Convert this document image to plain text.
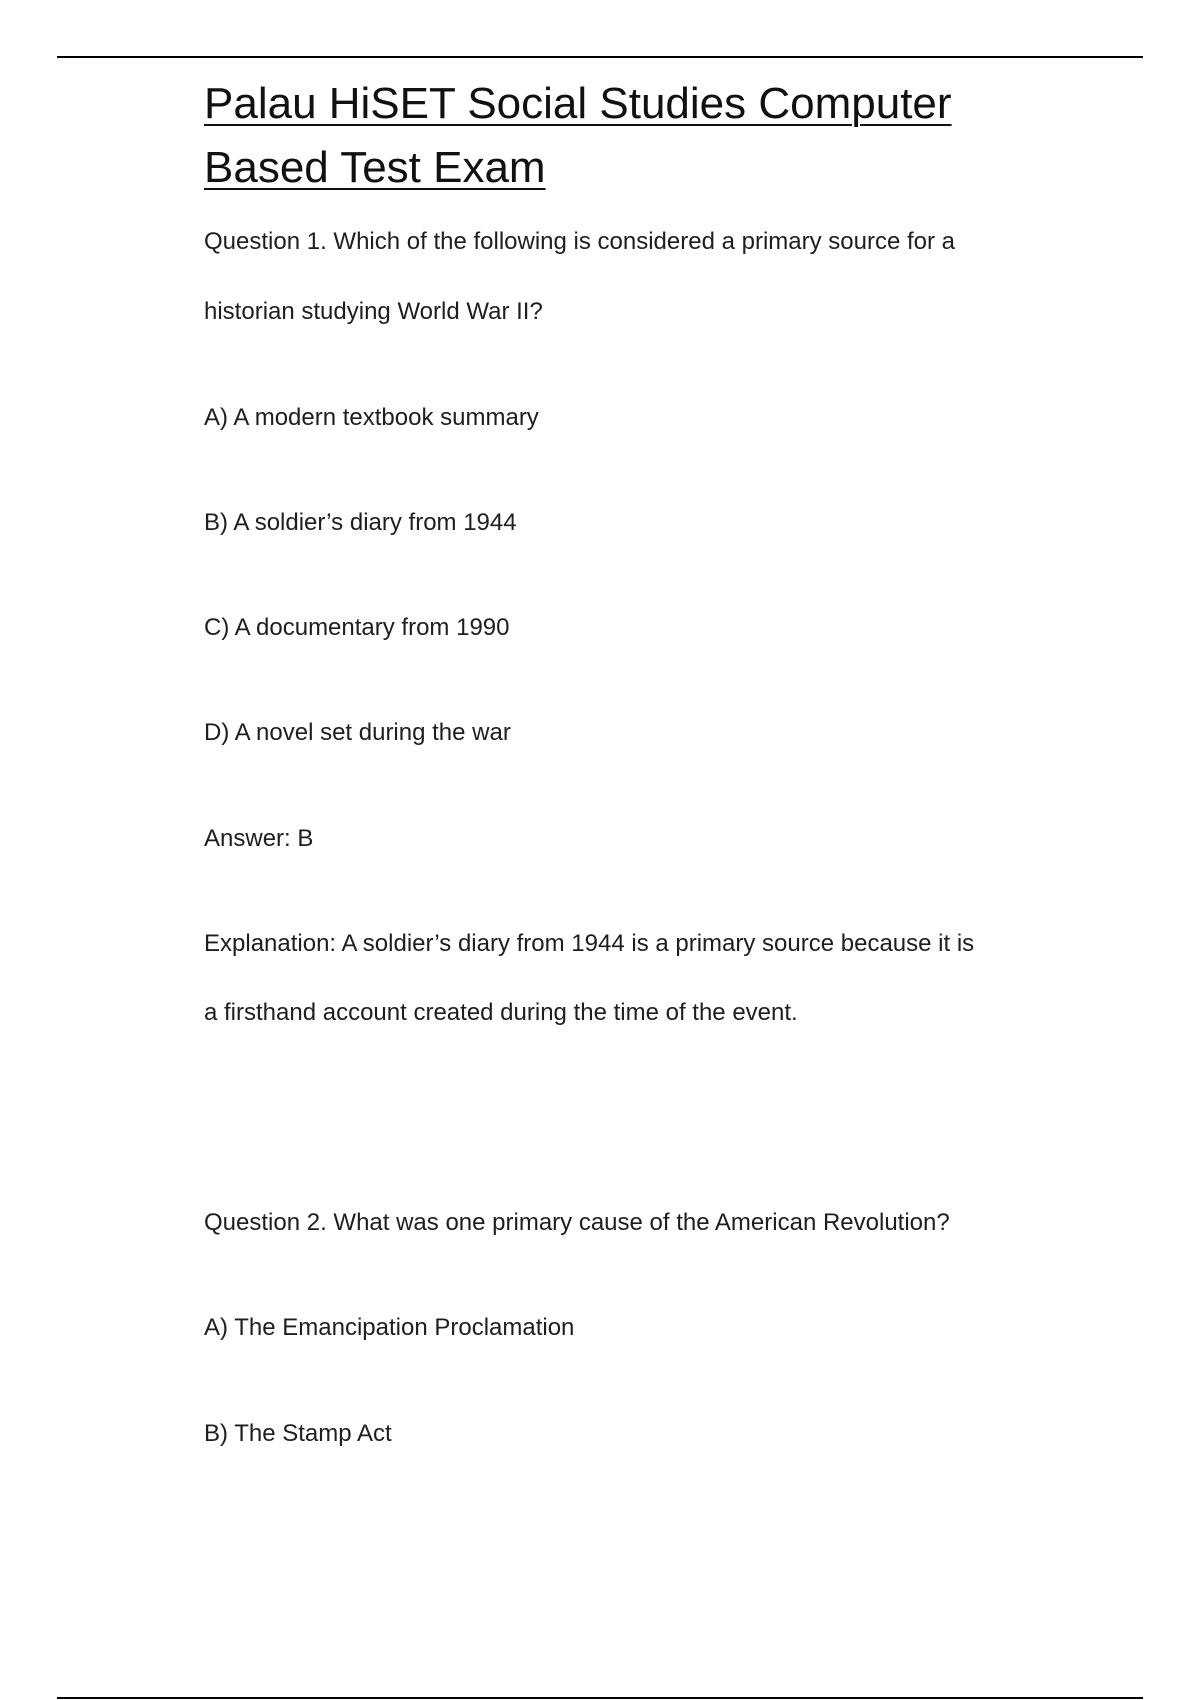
Palau HiSET Social Studies Computer Based Test Exam

Question 1. Which of the following is considered a primary source for a

historian studying World War II?

A) A modern textbook summary

B) A soldier’s diary from 1944

C) A documentary from 1990

D) A novel set during the war

Answer: B

Explanation: A soldier’s diary from 1944 is a primary source because it is

a firsthand account created during the time of the event.

Question 2. What was one primary cause of the American Revolution?

A) The Emancipation Proclamation

B) The Stamp Act
